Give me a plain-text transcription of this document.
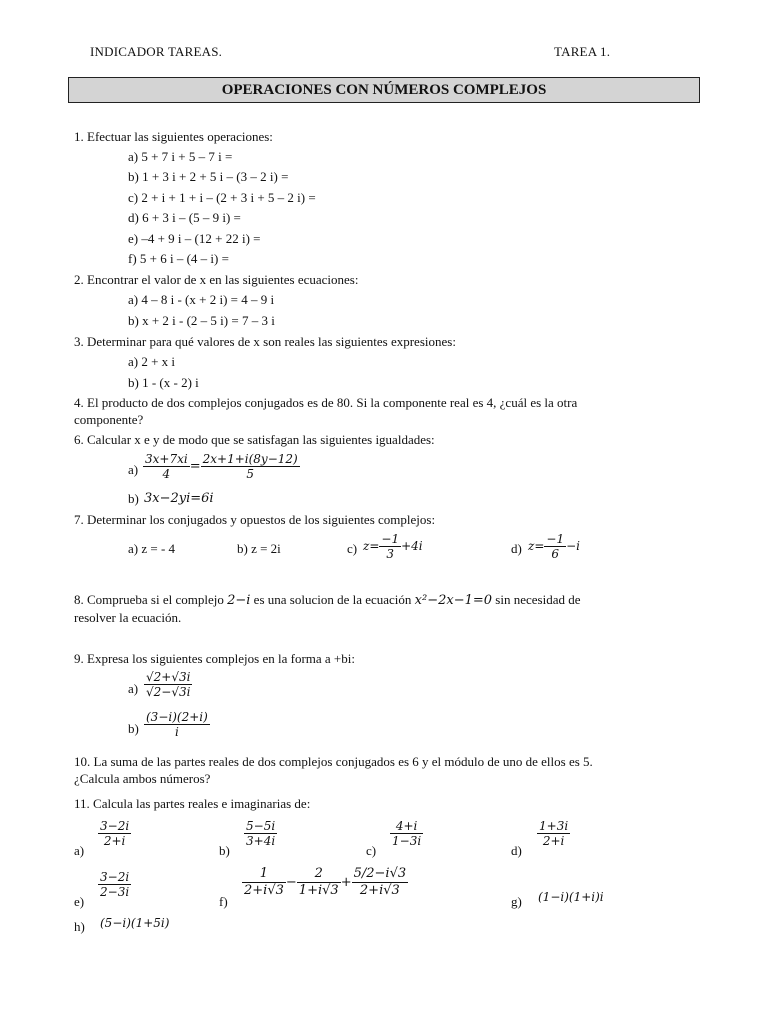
INDICADOR TAREAS.	TAREA 1.
OPERACIONES CON NÚMEROS COMPLEJOS
1. Efectuar las siguientes operaciones:
a) 5 + 7 i + 5 – 7 i =
b) 1 + 3 i + 2 + 5 i – (3 – 2 i) =
c) 2 + i + 1 + i – (2 + 3 i + 5 – 2 i) =
d) 6 + 3 i – (5 – 9 i) =
e) –4 + 9 i – (12 + 22 i) =
f) 5 + 6 i – (4 – i) =
2. Encontrar el valor de x en las siguientes ecuaciones:
a) 4 – 8 i - (x + 2 i) = 4 – 9 i
b) x + 2 i - (2 – 5 i) = 7 – 3 i
3. Determinar para qué valores de x son reales las siguientes expresiones:
a) 2 + x i
b) 1 - (x - 2) i
4. El producto de dos complejos conjugados es de 80. Si la componente real es 4, ¿cuál es la otra
componente?
6. Calcular x e y de modo que se satisfagan las siguientes igualdades:
$a) \frac{3x+7xi}{4} = \frac{2x+1+i(8y-12)}{5}$
b) 3x−2yi=6i
7. Determinar los conjugados y opuestos de los siguientes complejos:
a) z = - 4	b) z = 2i	c) $z= \frac{-1}{3} +4i$	d) $z= \frac{-1}{6} -i$
8. Comprueba si el complejo 2−i es una solucion de la ecuación x²−2x−1=0 sin necesidad de
resolver la ecuación.
9. Expresa los siguientes complejos en la forma a +bi:
$a) \frac{√2+√3i}{√2-√3i}$
$b) \frac{(3-i)(2+i)}{i}$
10. La suma de las partes reales de dos complejos conjugados es 6 y el módulo de uno de ellos es 5.
¿Calcula ambos números?
11. Calcula las partes reales e imaginarias de:
a)
$\frac{3-2i}{2+i}$
b)
$\frac{5-5i}{3+4i}$
c)
$\frac{4+i}{1-3i}$
d)
$\frac{1+3i}{2+i}$
e)
$\frac{3-2i}{2-3i}$
f)
$\frac{1}{2+i√3} - \frac{2}{1+i√3} + \frac{5/2-i√3}{2+i√3}$
g) (1−i)(1+i)i
h) (5−i)(1+5i)
